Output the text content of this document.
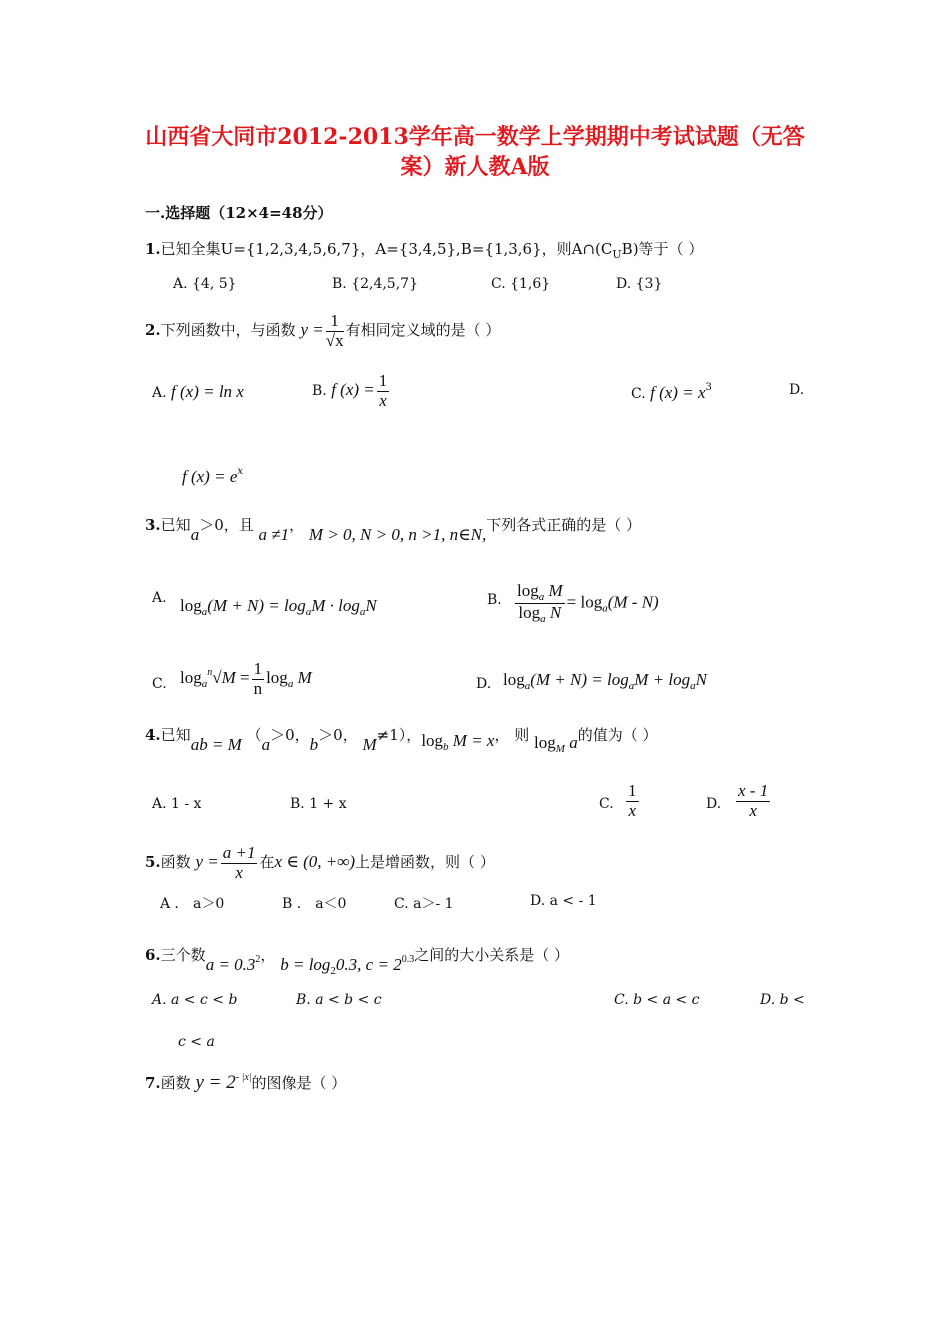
山西省大同市2012-2013学年高一数学上学期期中考试试题（无答
案）新人教A版
一.选择题（12×4=48分）
1.已知全集U={1,2,3,4,5,6,7}，A={3,4,5},B={1,3,6}，则$A\cap(C_UB)$等于（ ）
A. {4, 5}	B. {2,4,5,7}	C. {1,6}	D. {3}
2.下列函数中，与函数 $y = \frac{1}{√x}$ 有相同定义域的是（ ）
A. f (x) = ln x	B. f $(x) = \frac{1}{x}$	C. f $(x) = x^3$	D.
f $(x) = e^x$
3.已知a＞0，且 a ≠1， M > 0, N > 0, n >1, n∈N,下列各式正确的是（ ）
A. $\log_a(M + N) = \log_aM \cdot \log_aN$	B. $\frac{\log_a M}{\log_a N} = \log_a(M - N)$
C. $\log_a^n√M = \frac{1}{n} \log_a M$	D. $\log_a(M + N) = \log_aM + \log_aN$
4.已知ab = M （a＞0，b＞0， M≠1），$\log_b M = x$， 则 $\log_M a$的值为（ ）
A. 1 - x	B. 1 + x	C. $\frac{1}{x}$	D. $\frac{x - 1}{x}$
5.函数 $y = \frac{a +1}{x}$ 在x ∈ (0, +∞)上是增函数，则（ ）
A ． a＞0	B ． a＜0	C. a＞- 1	D. a < - 1
6.三个数$a = 0.3^2$， $b = \log_20.3$, $c = 2^{0.3}$之间的大小关系是（ ）
A. a < c < b	B. a < b < c	C. b < a < c	D. b <
c < a
7.函数 $y = 2^{- |x|}$的图像是（ ）
